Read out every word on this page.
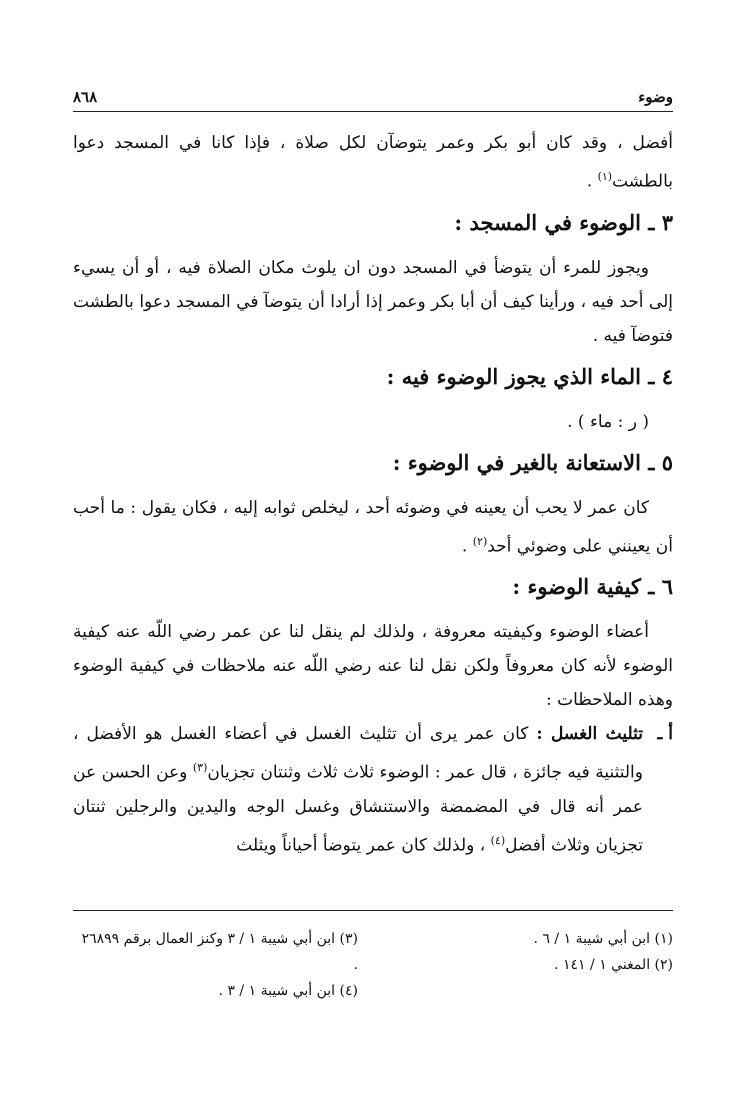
وضوء
٨٦٨

أفضل ، وقد كان أبو بكر وعمر يتوضآن لكل صلاة ، فإذا كانا في المسجد دعوا بالطشت$^{(١)}$ .

٣ ـ الوضوء في المسجد :

ويجوز للمرء أن يتوضأ في المسجد دون ان يلوث مكان الصلاة فيه ، أو أن يسيء إلى أحد فيه ، ورأينا كيف أن أبا بكر وعمر إذا أرادا أن يتوضآ في المسجد دعوا بالطشت فتوضآ فيه .

٤ ـ الماء الذي يجوز الوضوء فيه :

( ر : ماء ) .

٥ ـ الاستعانة بالغير في الوضوء :

كان عمر لا يحب أن يعينه في وضوئه أحد ، ليخلص ثوابه إليه ، فكان يقول : ما أحب أن يعينني على وضوئي أحد$^{(٢)}$ .

٦ ـ كيفية الوضوء :

أعضاء الوضوء وكيفيته معروفة ، ولذلك لم ينقل لنا عن عمر رضي اللّه عنه كيفية الوضوء لأنه كان معروفاً ولكن نقل لنا عنه رضي اللّه عنه ملاحظات في كيفية الوضوء وهذه الملاحظات :

أ ـ

تثليث الغسل : كان عمر يرى أن تثليث الغسل في أعضاء الغسل هو الأفضل ، والتثنية فيه جائزة ، قال عمر : الوضوء ثلاث ثلاث وثنتان تجزيان$^{(٣)}$ وعن الحسن عن عمر أنه قال في المضمضة والاستنشاق وغسل الوجه واليدين والرجلين ثنتان تجزيان وثلاث أفضل$^{(٤)}$ ، ولذلك كان عمر يتوضأ أحياناً ويثلث

(١) ابن أبي شيبة ١ / ٦ .

(٢) المغني ١ / ١٤١ .

(٣) ابن أبي شيبة ١ / ٣ وكنز العمال برقم ٢٦٨٩٩ .

(٤) ابن أبي شيبة ١ / ٣ .
